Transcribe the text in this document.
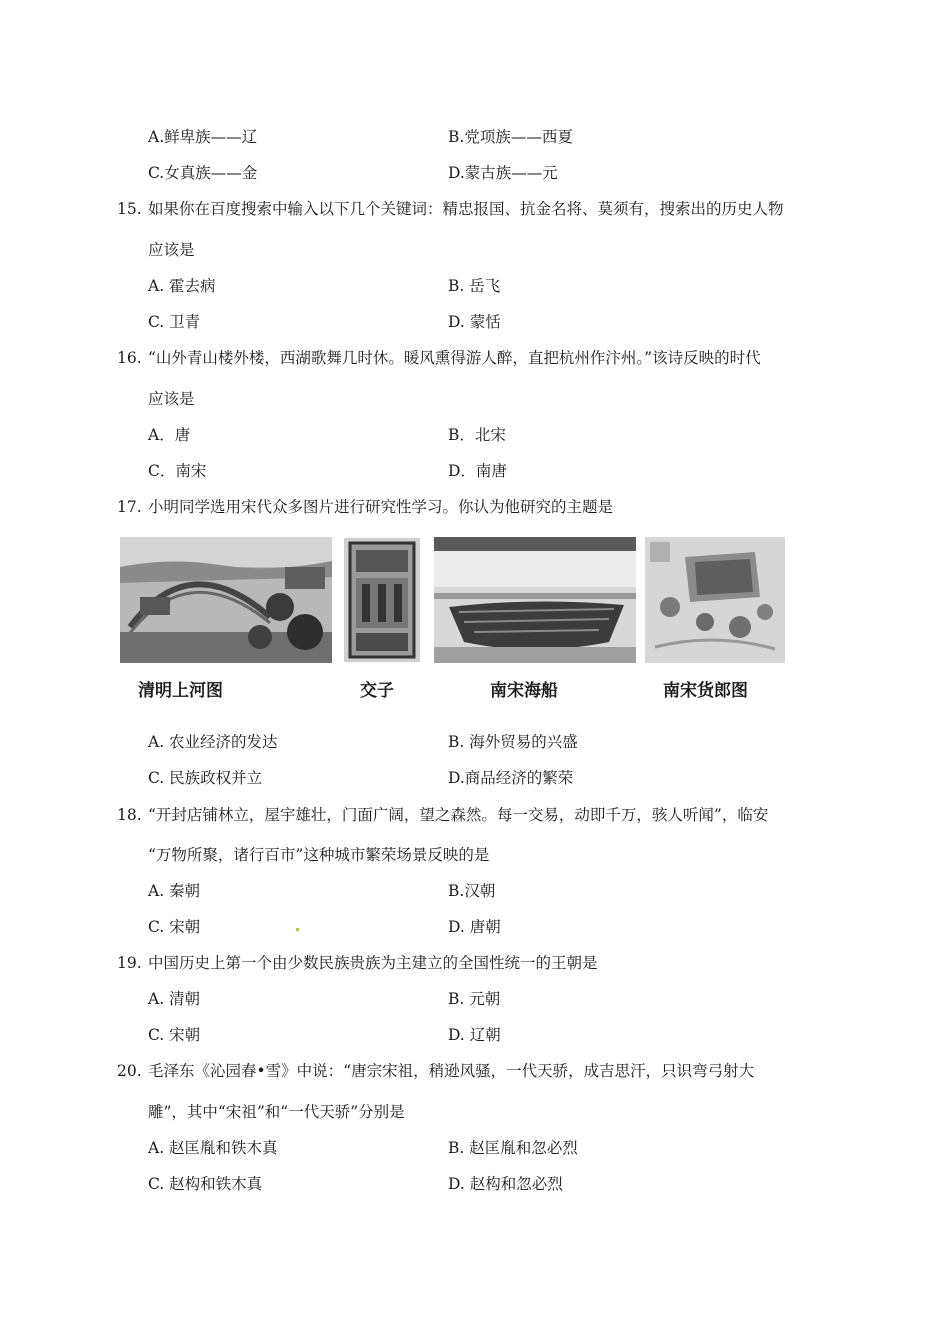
A.鲜卑族——辽	B.党项族——西夏
C.女真族——金	D.蒙古族——元
15. 如果你在百度搜索中输入以下几个关键词：精忠报国、抗金名将、莫须有，搜索出的历史人物
应该是
A. 霍去病	B. 岳飞
C. 卫青	D. 蒙恬
16. “山外青山楼外楼，西湖歌舞几时休。暖风熏得游人醉，直把杭州作汴州。”该诗反映的时代
应该是
A．唐	B．北宋
C．南宋	D．南唐
17. 小明同学选用宋代众多图片进行研究性学习。你认为他研究的主题是
清明上河图	交子	南宋海船	南宋货郎图
A. 农业经济的发达	B. 海外贸易的兴盛
C. 民族政权并立	D.商品经济的繁荣
18. “开封店铺林立，屋宇雄壮，门面广阔，望之森然。每一交易，动即千万，骇人听闻”，临安
“万物所聚，诸行百市”这种城市繁荣场景反映的是
A. 秦朝	B.汉朝
C. 宋朝	D. 唐朝
19. 中国历史上第一个由少数民族贵族为主建立的全国性统一的王朝是
A. 清朝	B. 元朝
C. 宋朝	D. 辽朝
20. 毛泽东《沁园春•雪》中说：“唐宗宋祖，稍逊风骚，一代天骄，成吉思汗，只识弯弓射大
雕”，其中“宋祖”和“一代天骄”分别是
A. 赵匡胤和铁木真	B. 赵匡胤和忽必烈
C. 赵构和铁木真	D. 赵构和忽必烈
